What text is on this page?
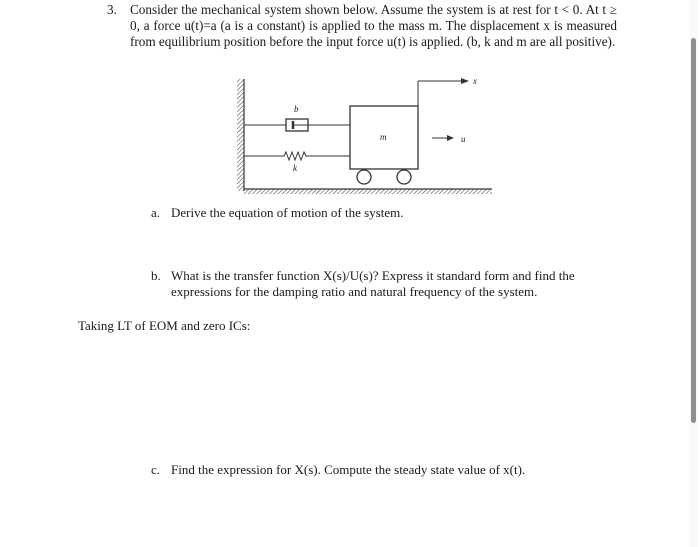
3. Consider the mechanical system shown below. Assume the system is at rest for t < 0. At t ≥ 0, a force u(t)=a (a is a constant) is applied to the mass m. The displacement x is measured from equilibrium position before the input force u(t) is applied. (b, k and m are all positive).
b
k
m
x
u
a. Derive the equation of motion of the system.
b. What is the transfer function X(s)/U(s)? Express it standard form and find the expressions for the damping ratio and natural frequency of the system.
Taking LT of EOM and zero ICs:
c. Find the expression for X(s). Compute the steady state value of x(t).
